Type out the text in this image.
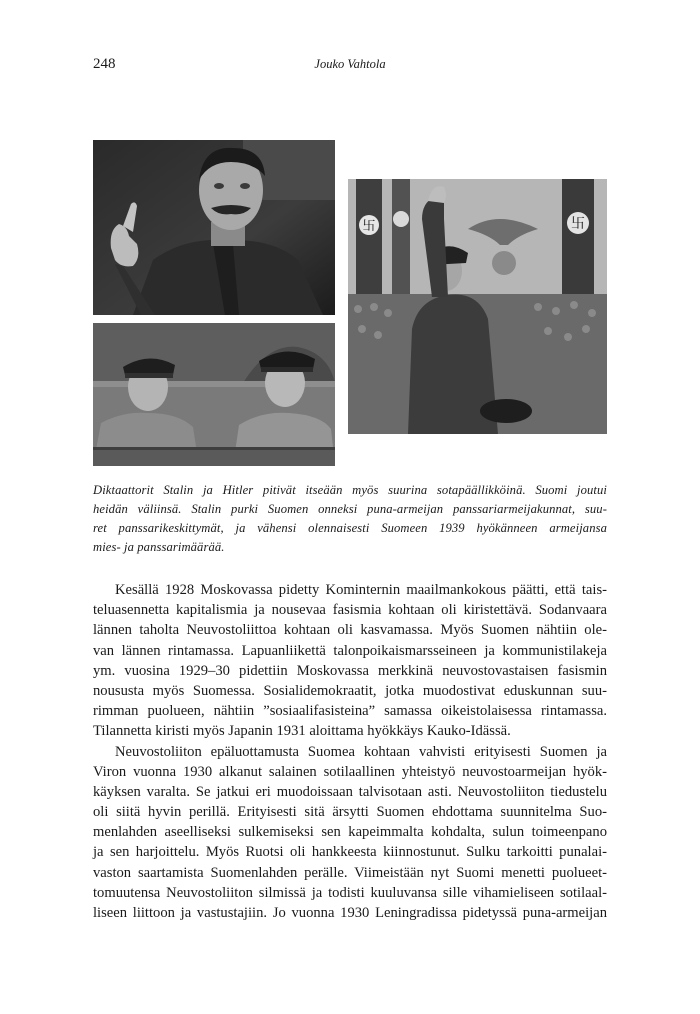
248	Jouko Vahtola
卐	卐
Diktaattorit Stalin ja Hitler pitivät itseään myös suurina sotapäällikköinä. Suomi joutui
heidän väliinsä. Stalin purki Suomen onneksi puna-armeijan panssariarmeijakunnat, suu-
ret panssarikeskittymät, ja vähensi olennaisesti Suomeen 1939 hyökänneen armeijansa
mies- ja panssarimäärää.
Kesällä 1928 Moskovassa pidetty Kominternin maailmankokous päätti, että tais-
teluasennetta kapitalismia ja nousevaa fasismia kohtaan oli kiristettävä. Sodanvaara
lännen taholta Neuvostoliittoa kohtaan oli kasvamassa. Myös Suomen nähtiin ole-
van lännen rintamassa. Lapuanliikettä talonpoikaismarsseineen ja kommunistilakeja
ym. vuosina 1929–30 pidettiin Moskovassa merkkinä neuvostovastaisen fasismin
noususta myös Suomessa. Sosialidemokraatit, jotka muodostivat eduskunnan suu-
rimman puolueen, nähtiin ”sosiaalifasisteina” samassa oikeistolaisessa rintamassa.
Tilannetta kiristi myös Japanin 1931 aloittama hyökkäys Kauko-Idässä.
Neuvostoliiton epäluottamusta Suomea kohtaan vahvisti erityisesti Suomen ja
Viron vuonna 1930 alkanut salainen sotilaallinen yhteistyö neuvostoarmeijan hyök-
käyksen varalta. Se jatkui eri muodoissaan talvisotaan asti. Neuvostoliiton tiedustelu
oli siitä hyvin perillä. Erityisesti sitä ärsytti Suomen ehdottama suunnitelma Suo-
menlahden aseelliseksi sulkemiseksi sen kapeimmalta kohdalta, sulun toimeenpano
ja sen harjoittelu. Myös Ruotsi oli hankkeesta kiinnostunut. Sulku tarkoitti punalai-
vaston saartamista Suomenlahden perälle. Viimeistään nyt Suomi menetti puolueet-
tomuutensa Neuvostoliiton silmissä ja todisti kuuluvansa sille vihamieliseen sotilaal-
liseen liittoon ja vastustajiin. Jo vuonna 1930 Leningradissa pidetyssä puna-armeijan
